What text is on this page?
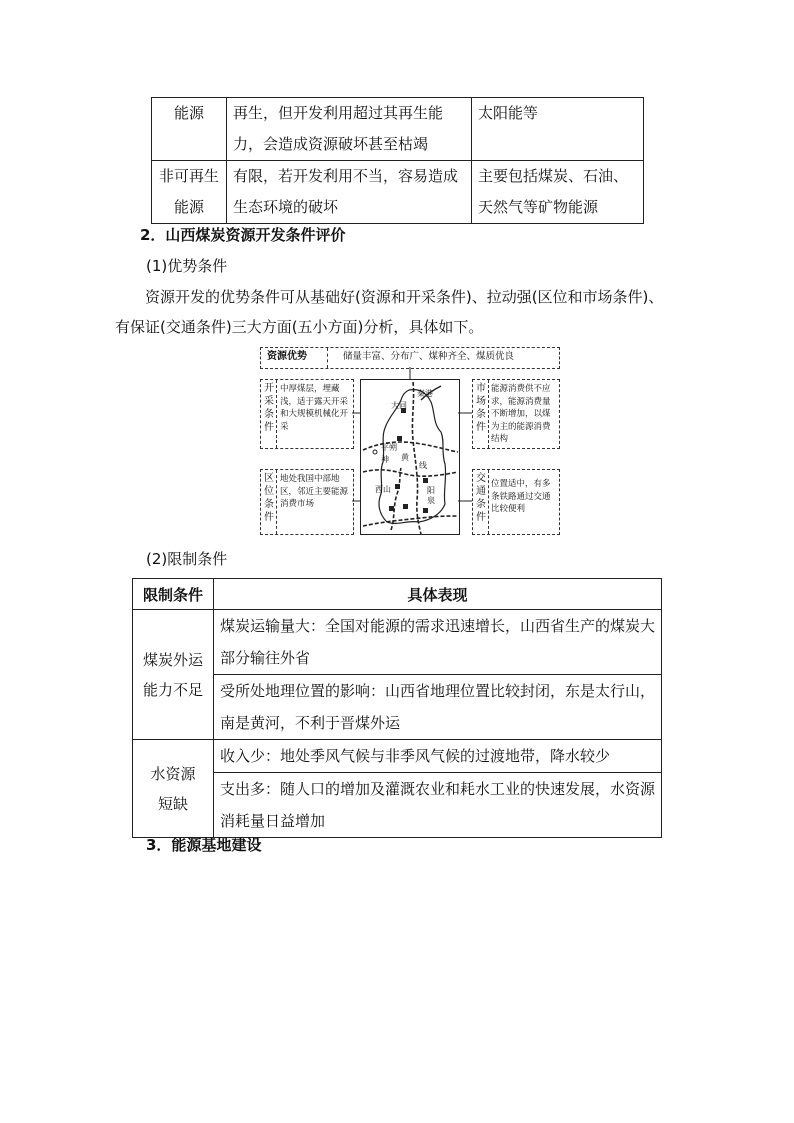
能源	再生，但开发利用超过其再生能力，会造成资源破坏甚至枯竭	太阳能等
非可再生能源	有限，若开发利用不当，容易造成生态环境的破坏	主要包括煤炭、石油、天然气等矿物能源
2．山西煤炭资源开发条件评价
(1)优势条件
资源开发的优势条件可从基础好(资源和开采条件)、拉动强(区位和市场条件)、有保证(交通条件)三大方面(五小方面)分析，具体如下。
资源优势	储量丰富、分布广、煤种齐全、煤质优良
开采条件
中厚煤层，埋藏浅，适于露天开采和大规模机械化开采
区位条件
地处我国中部地区，邻近主要能源消费市场
市场条件
能源消费供不应求，能源消费量不断增加，以煤为主的能源消费结构
交通条件
位置适中，有多条铁路通过交通比较便利
大同
秦港
平朔
神 黄
线
西山	阳泉
(2)限制条件
限制条件	具体表现

煤炭外运能力不足	煤炭运输量大：全国对能源的需求迅速增长，山西省生产的煤炭大部分输往外省
	受所处地理位置的影响：山西省地理位置比较封闭，东是太行山，南是黄河，不利于晋煤外运

水资源短缺	收入少：地处季风气候与非季风气候的过渡地带，降水较少
	支出多：随人口的增加及灌溉农业和耗水工业的快速发展，水资源消耗量日益增加
3．能源基地建设
